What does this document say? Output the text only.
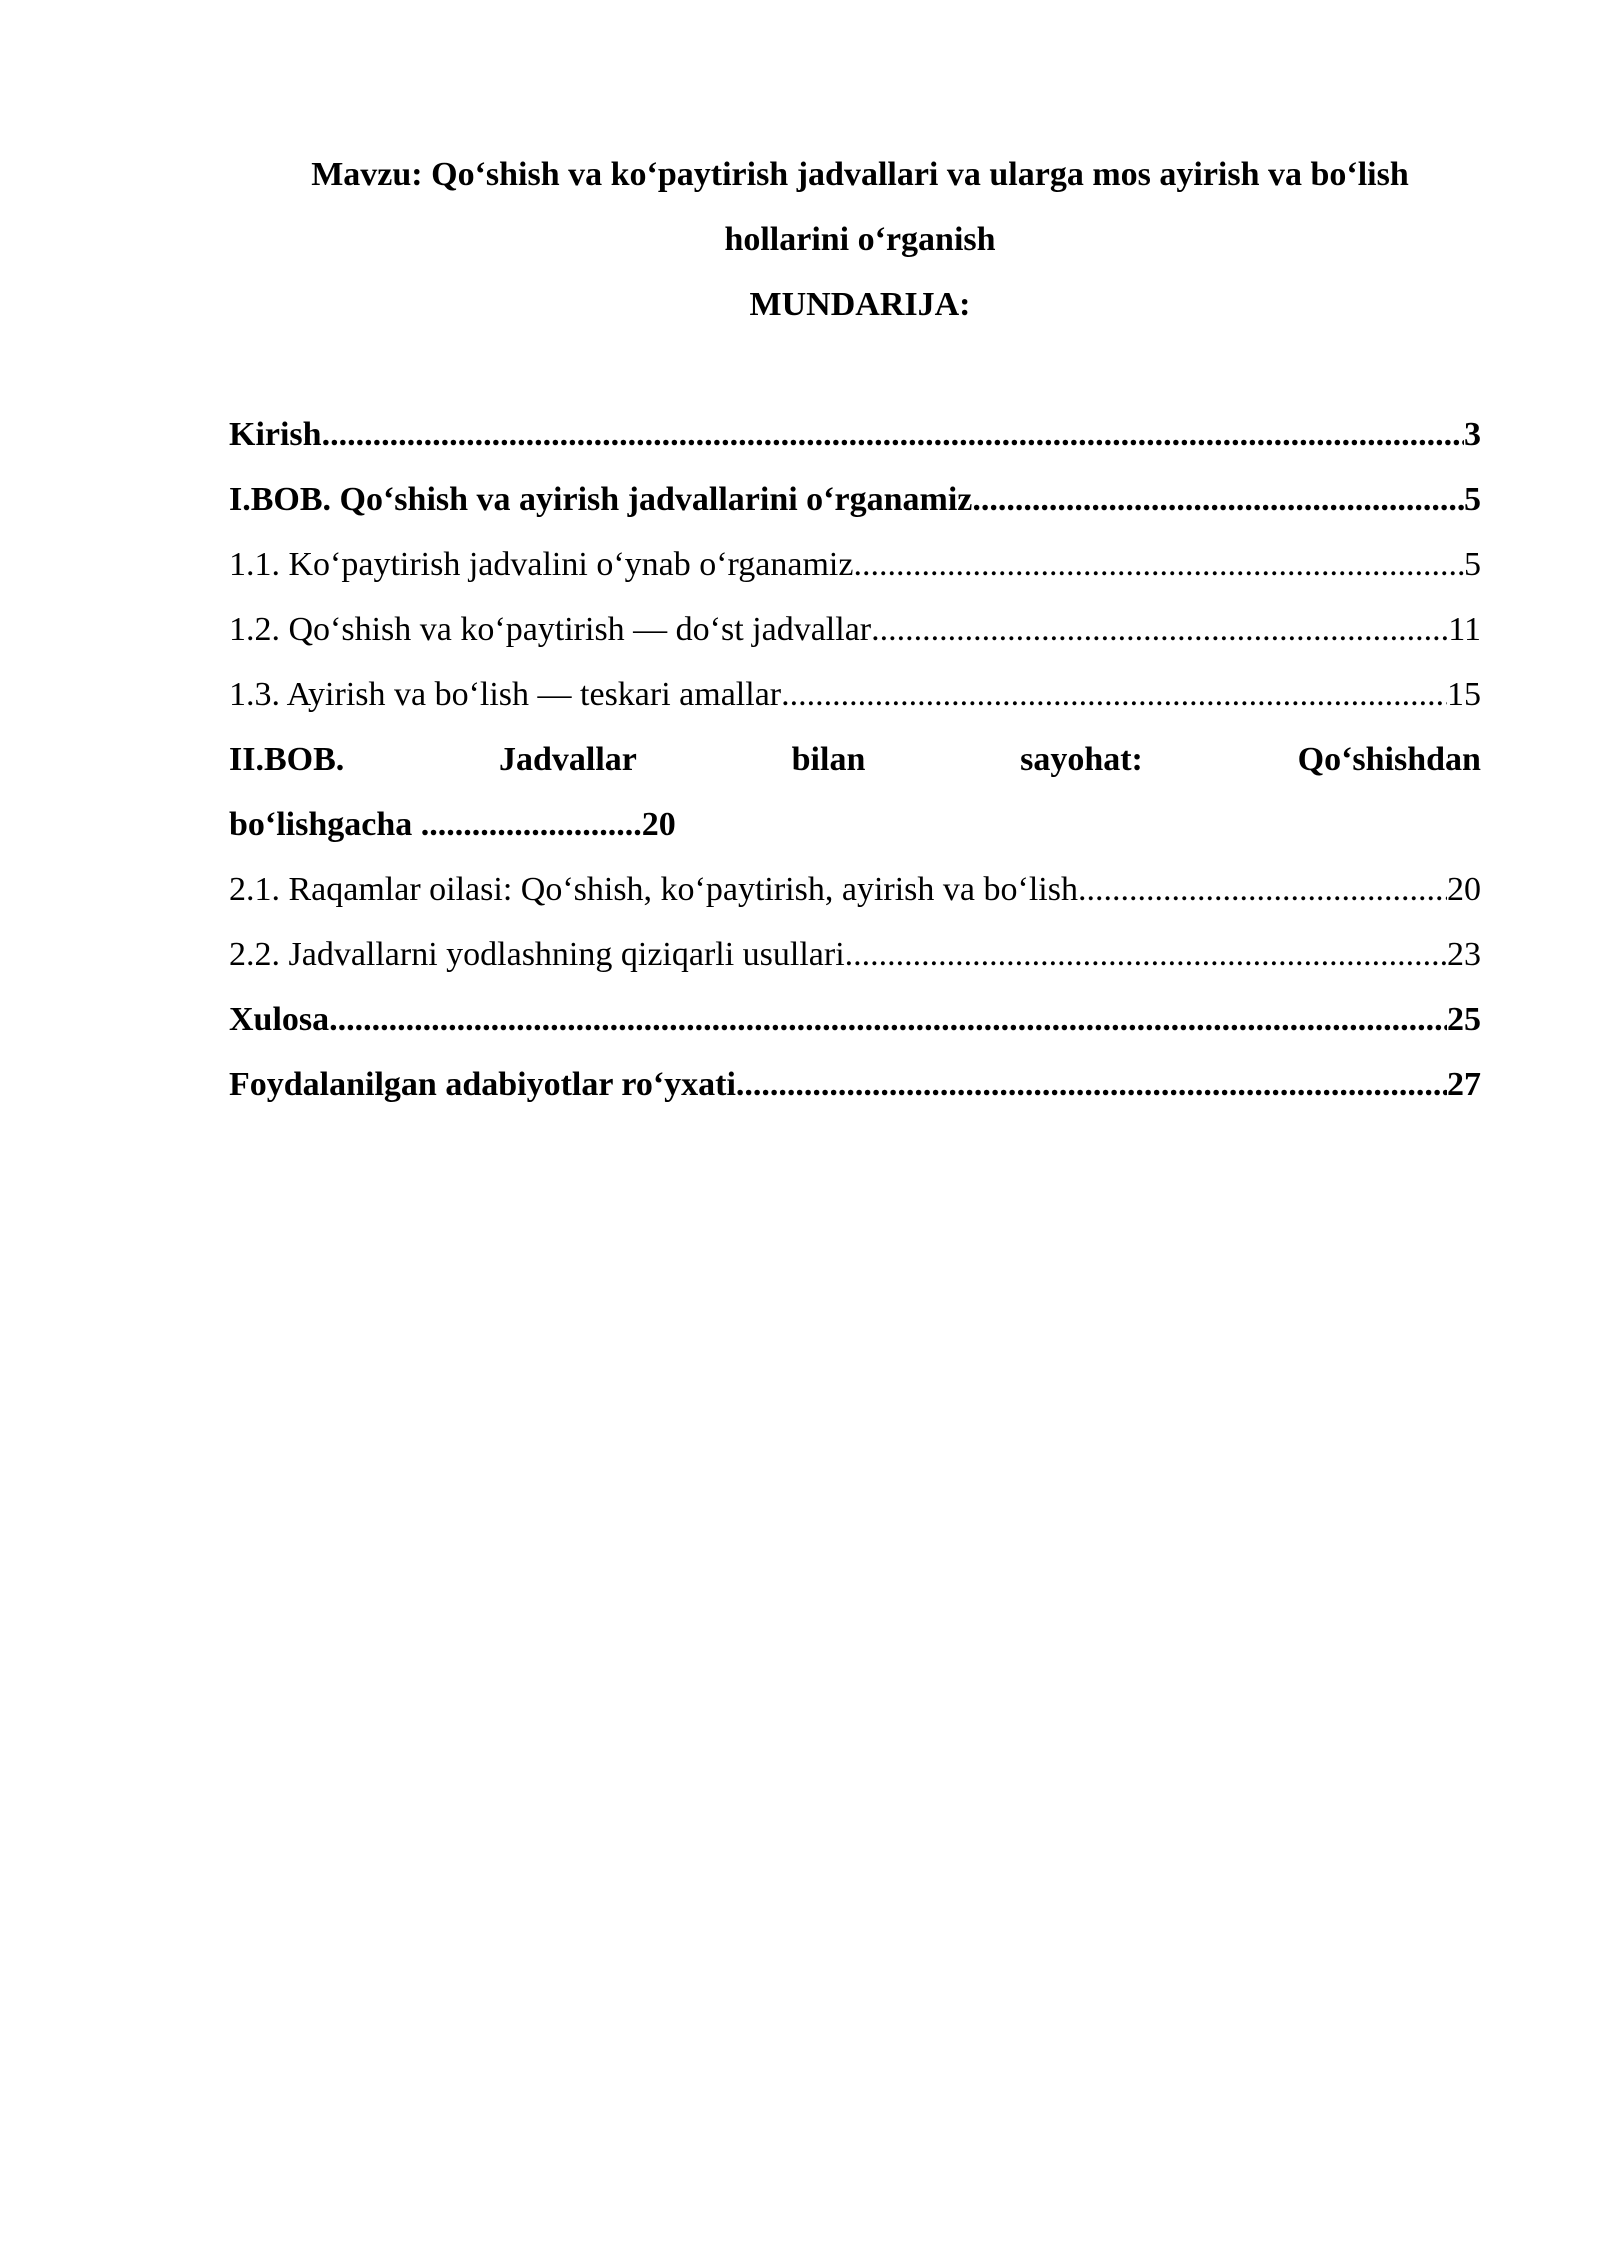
Mavzu: Qo‘shish va ko‘paytirish jadvallari va ularga mos ayirish va bo‘lish
hollarini o‘rganish
MUNDARIJA:
Kirish .....	3
I.BOB. Qo‘shish va ayirish jadvallarini o‘rganamiz .....	5
1.1. Ko‘paytirish jadvalini o‘ynab o‘rganamiz .....	5
1.2. Qo‘shish va ko‘paytirish — do‘st jadvallar .....	11
1.3. Ayirish va bo‘lish — teskari amallar .....	15
II.BOB.	Jadvallar	bilan	sayohat:	Qo‘shishdan
bo‘lishgacha ..........................20
2.1. Raqamlar oilasi: Qo‘shish, ko‘paytirish, ayirish va bo‘lish .....	20
2.2. Jadvallarni yodlashning qiziqarli usullari .....	23
Xulosa .....	25
Foydalanilgan adabiyotlar ro‘yxati .....	27
